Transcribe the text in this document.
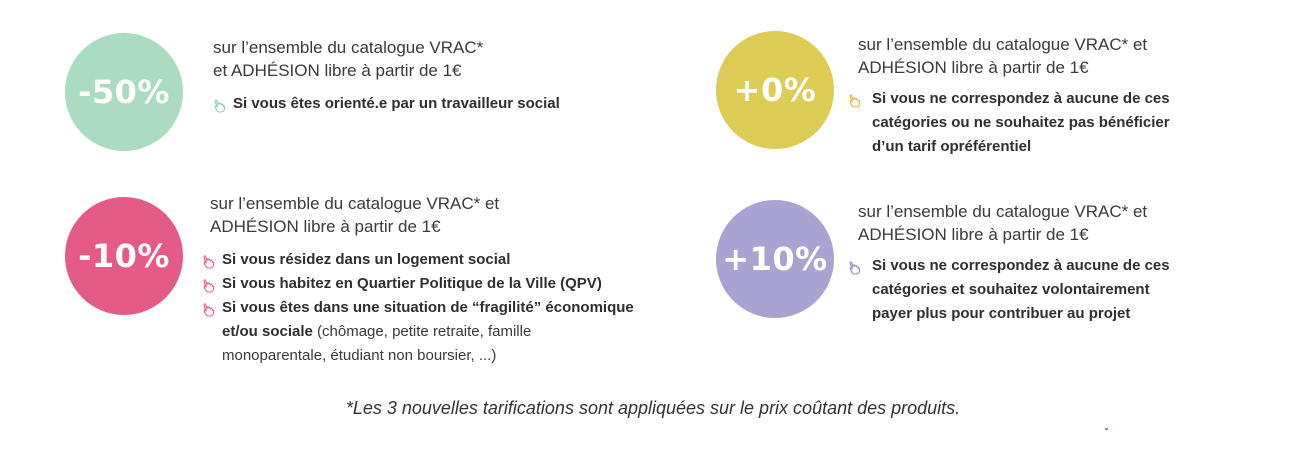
-50%
sur l’ensemble du catalogue VRAC*
et ADHÉSION libre à partir de 1€
Si vous êtes orienté.e par un travailleur social
-10%
sur l’ensemble du catalogue VRAC* et
ADHÉSION libre à partir de 1€
Si vous résidez dans un logement social
Si vous habitez en Quartier Politique de la Ville (QPV)
Si vous êtes dans une situation de “fragilité” économique
et/ou sociale (chômage, petite retraite, famille
monoparentale, étudiant non boursier, ...)
+0%
sur l’ensemble du catalogue VRAC* et
ADHÉSION libre à partir de 1€
Si vous ne correspondez à aucune de ces
catégories ou ne souhaitez pas bénéficier
d’un tarif opréférentiel
+10%
sur l’ensemble du catalogue VRAC* et
ADHÉSION libre à partir de 1€
Si vous ne correspondez à aucune de ces
catégories et souhaitez volontairement
payer plus pour contribuer au projet
*Les 3 nouvelles tarifications sont appliquées sur le prix coûtant des produits.
